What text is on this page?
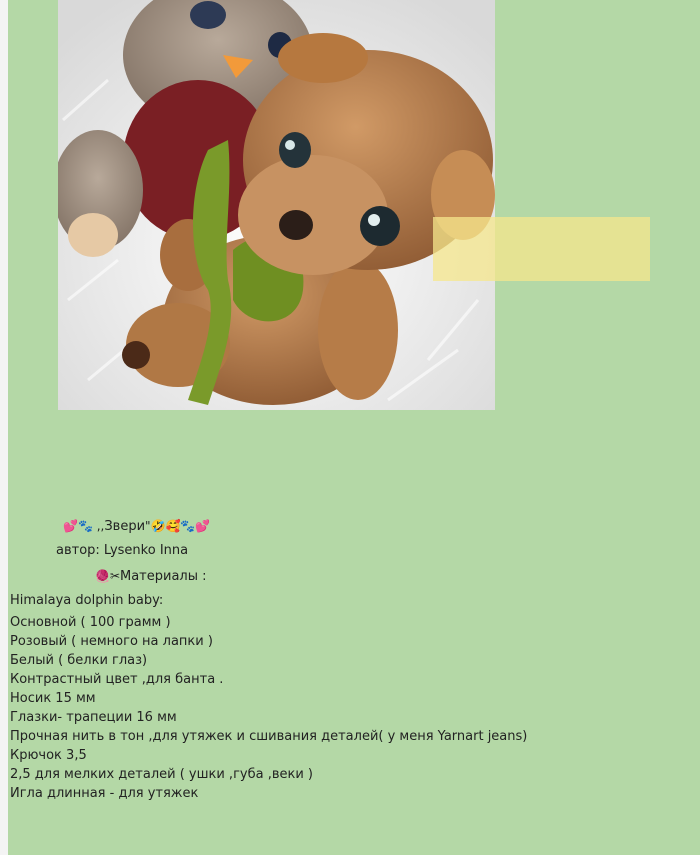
💕🐾 ,,Звери"🤣🥰🐾💕
автор: Lysenko Inna
🧶✂Материалы :
Himalaya dolphin baby:
Основной ( 100 грамм )
Розовый ( немного на лапки )
Белый ( белки глаз)
Контрастный цвет ,для банта .
Носик 15 мм
Глазки- трапеции 16 мм
Прочная нить в тон ,для утяжек и сшивания деталей( у меня Yarnart jeans)
Крючок 3,5
2,5 для мелких деталей ( ушки ,губа ,веки )
Игла длинная - для утяжек
